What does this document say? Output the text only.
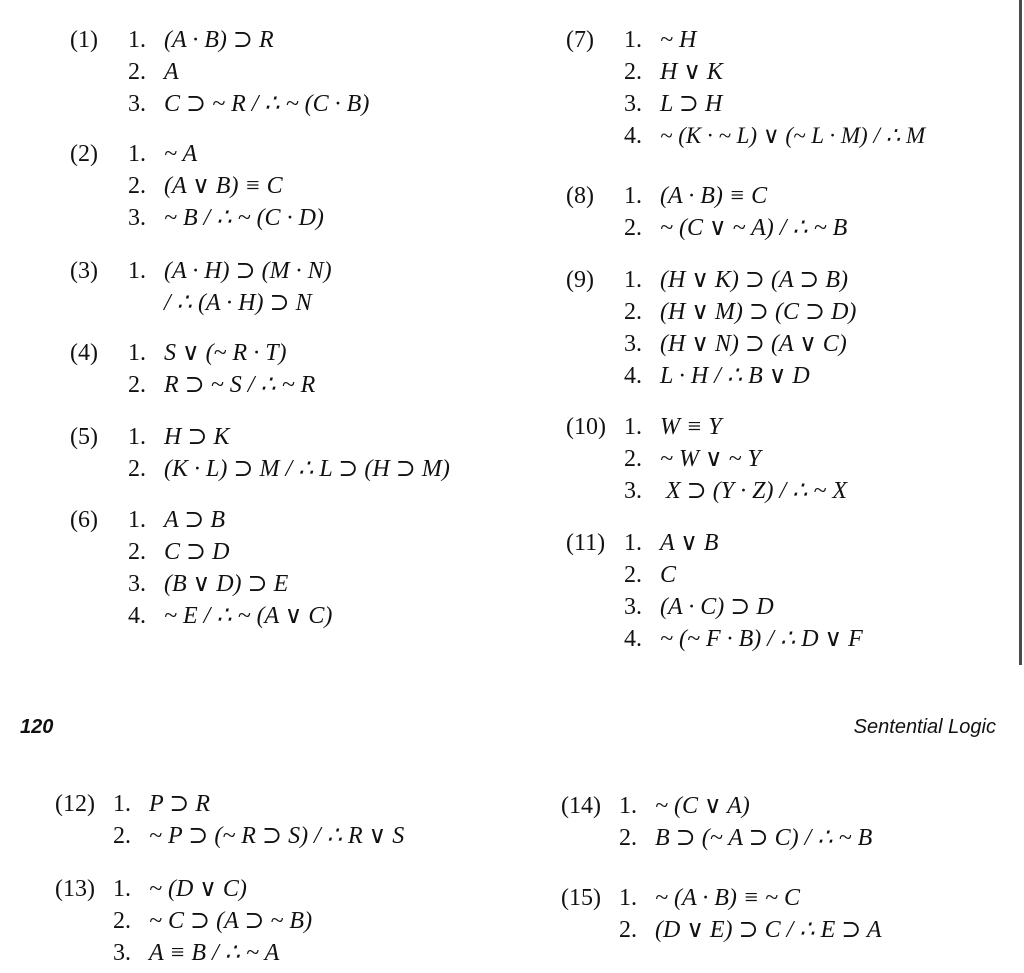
(1) 1. (A · B) ⊃ R
2. A
3. C ⊃ ~ R / ∴ ~ (C · B)
(2) 1. ~ A
2. (A ∨ B) ≡ C
3. ~ B / ∴ ~ (C · D)
(3) 1. (A · H) ⊃ (M · N)
/ ∴ (A · H) ⊃ N
(4) 1. S ∨ (~ R · T)
2. R ⊃ ~ S / ∴ ~ R
(5) 1. H ⊃ K
2. (K · L) ⊃ M / ∴ L ⊃ (H ⊃ M)
(6) 1. A ⊃ B
2. C ⊃ D
3. (B ∨ D) ⊃ E
4. ~ E / ∴ ~ (A ∨ C)
(7) 1. ~ H
2. H ∨ K
3. L ⊃ H
4. ~ (K · ~ L) ∨ (~ L · M) / ∴ M
(8) 1. (A · B) ≡ C
2. ~ (C ∨ ~ A) / ∴ ~ B
(9) 1. (H ∨ K) ⊃ (A ⊃ B)
2. (H ∨ M) ⊃ (C ⊃ D)
3. (H ∨ N) ⊃ (A ∨ C)
4. L · H / ∴ B ∨ D
(10) 1. W ≡ Y
2. ~ W ∨ ~ Y
3. X ⊃ (Y · Z) / ∴ ~ X
(11) 1. A ∨ B
2. C
3. (A · C) ⊃ D
4. ~ (~ F · B) / ∴ D ∨ F
120	Sentential Logic
(12) 1. P ⊃ R
2. ~ P ⊃ (~ R ⊃ S) / ∴ R ∨ S
(13) 1. ~ (D ∨ C)
2. ~ C ⊃ (A ⊃ ~ B)
3. A ≡ B / ∴ ~ A
(14) 1. ~ (C ∨ A)
2. B ⊃ (~ A ⊃ C) / ∴ ~ B
(15) 1. ~ (A · B) ≡ ~ C
2. (D ∨ E) ⊃ C / ∴ E ⊃ A
